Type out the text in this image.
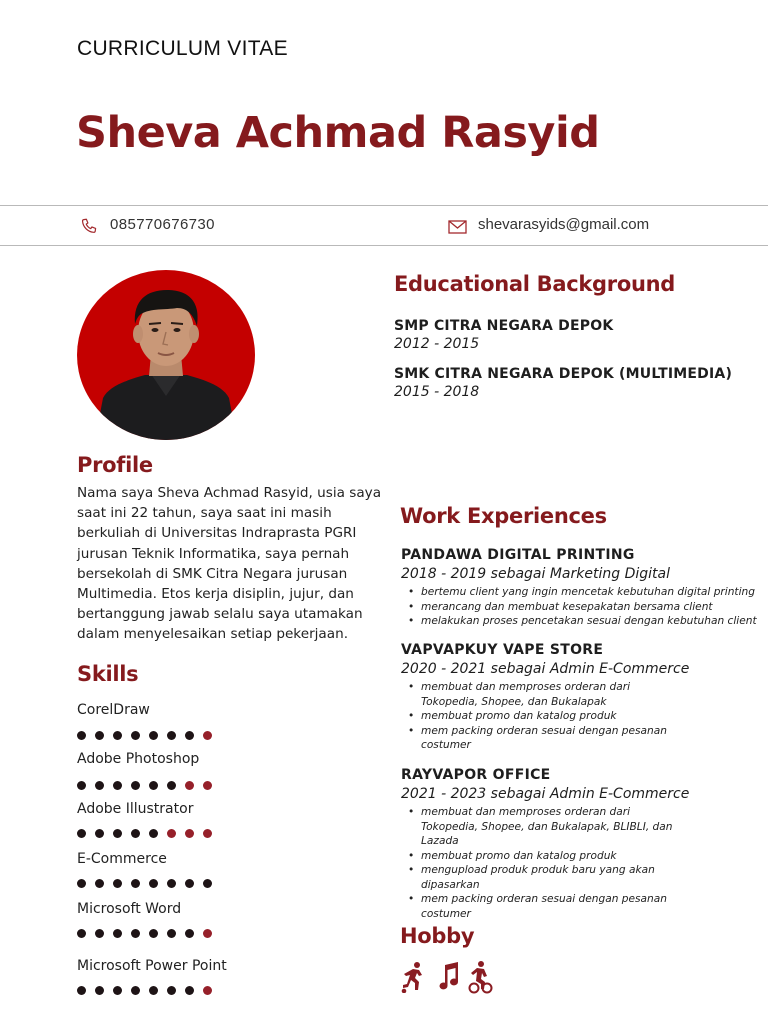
CURRICULUM VITAE
Sheva Achmad Rasyid
085770676730	shevarasyids@gmail.com
Educational Background
SMP CITRA NEGARA DEPOK
2012 - 2015
SMK CITRA NEGARA DEPOK (MULTIMEDIA)
2015 - 2018
Profile
Nama saya Sheva Achmad Rasyid, usia saya saat ini 22 tahun, saya saat ini masih berkuliah di Universitas Indraprasta PGRI jurusan Teknik Informatika, saya pernah bersekolah di SMK Citra Negara jurusan Multimedia. Etos kerja disiplin, jujur, dan bertanggung jawab selalu saya utamakan dalam menyelesaikan setiap pekerjaan.
Skills
CorelDraw
Adobe Photoshop
Adobe Illustrator
E-Commerce
Microsoft Word
Microsoft Power Point
Work Experiences
PANDAWA DIGITAL PRINTING
2018 - 2019 sebagai Marketing Digital
• bertemu client yang ingin mencetak kebutuhan digital printing
• merancang dan membuat kesepakatan bersama client
• melakukan proses pencetakan sesuai dengan kebutuhan client
VAPVAPKUY VAPE STORE
2020 - 2021 sebagai Admin E-Commerce
• membuat dan memproses orderan dari Tokopedia, Shopee, dan Bukalapak
• membuat promo dan katalog produk
• mem packing orderan sesuai dengan pesanan costumer
RAYVAPOR OFFICE
2021 - 2023 sebagai Admin E-Commerce
• membuat dan memproses orderan dari Tokopedia, Shopee, dan Bukalapak, BLIBLI, dan Lazada
• membuat promo dan katalog produk
• mengupload produk produk baru yang akan dipasarkan
• mem packing orderan sesuai dengan pesanan costumer
Hobby
